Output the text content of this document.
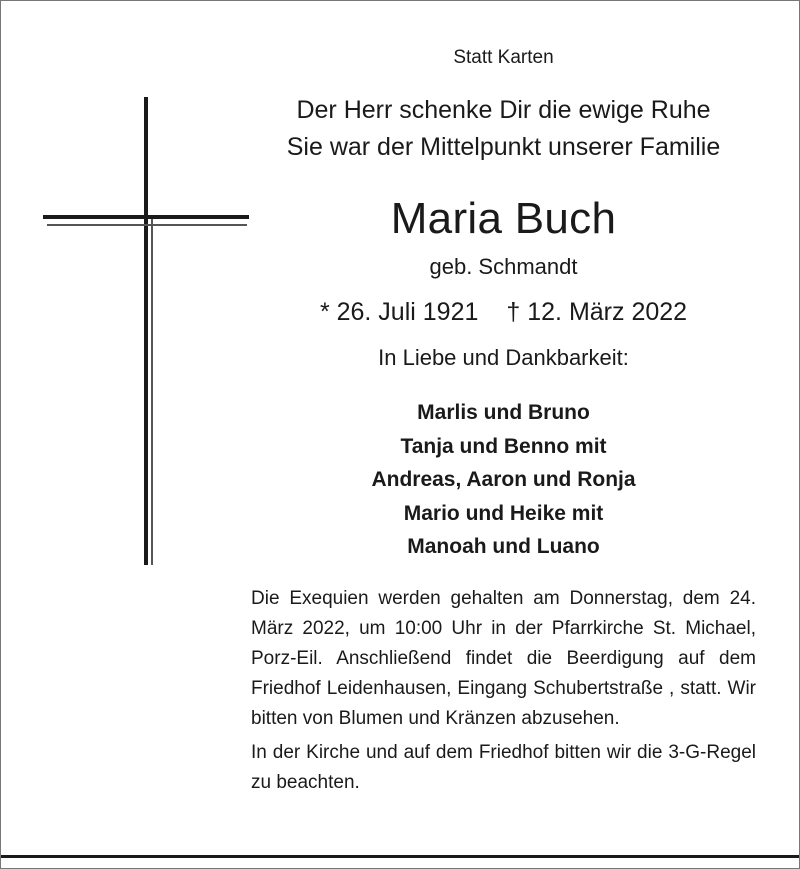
Statt Karten
Der Herr schenke Dir die ewige Ruhe
Sie war der Mittelpunkt unserer Familie
Maria Buch
geb. Schmandt
* 26. Juli 1921 † 12. März 2022
In Liebe und Dankbarkeit:
Marlis und Bruno
Tanja und Benno mit
Andreas, Aaron und Ronja
Mario und Heike mit
Manoah und Luano

Die Exequien werden gehalten am Donnerstag, dem 24. März 2022, um 10:00 Uhr in der Pfarrkirche St. Michael, Porz-Eil. Anschließend findet die Beerdigung auf dem Friedhof Leidenhausen, Eingang Schubertstraße , statt. Wir bitten von Blumen und Kränzen abzusehen.

In der Kirche und auf dem Friedhof bitten wir die 3-G-Regel zu beachten.
